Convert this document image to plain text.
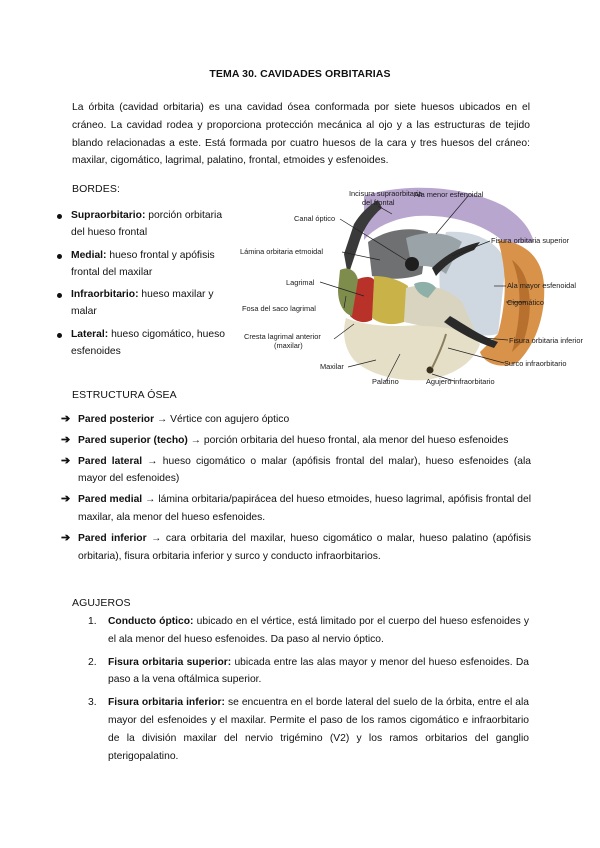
TEMA 30. CAVIDADES ORBITARIAS

La órbita (cavidad orbitaria) es una cavidad ósea conformada por siete huesos ubicados en el cráneo. La cavidad rodea y proporciona protección mecánica al ojo y a las estructuras de tejido blando relacionadas a este. Está formada por cuatro huesos de la cara y tres huesos del cráneo: maxilar, cigomático, lagrimal, palatino, frontal, etmoides y esfenoides.

BORDES:
Supraorbitario: porción orbitaria del hueso frontal
Medial: hueso frontal y apófisis frontal del maxilar
Infraorbitario: hueso maxilar y malar
Lateral: hueso cigomático, hueso esfenoides
Incisura supraorbitaria
del frontal
Ala menor esfenoidal
Canal óptico
Lámina orbitaria etmoidal
Fisura orbitaria superior
Lagrimal	Ala mayor esfenoidal
Cigomático
Fosa del saco lagrimal
Fisura orbitaria inferior
Cresta lagrimal anterior
(maxilar)
Surco infraorbitario
Maxilar
Palatino	Agujero infraorbitario
ESTRUCTURA ÓSEA
➔ Pared posterior → Vértice con agujero óptico
➔ Pared superior (techo) → porción orbitaria del hueso frontal, ala menor del hueso esfenoides
➔ Pared lateral → hueso cigomático o malar (apófisis frontal del malar), hueso esfenoides (ala mayor del esfenoides)
➔ Pared medial → lámina orbitaria/papirácea del hueso etmoides, hueso lagrimal, apófisis frontal del maxilar, ala menor del hueso esfenoides.
➔ Pared inferior → cara orbitaria del maxilar, hueso cigomático o malar, hueso palatino (apófisis orbitaria), fisura orbitaria inferior y surco y conducto infraorbitarios.
AGUJEROS
1. Conducto óptico: ubicado en el vértice, está limitado por el cuerpo del hueso esfenoides y el ala menor del hueso esfenoides. Da paso al nervio óptico.
2. Fisura orbitaria superior: ubicada entre las alas mayor y menor del hueso esfenoides. Da paso a la vena oftálmica superior.
3. Fisura orbitaria inferior: se encuentra en el borde lateral del suelo de la órbita, entre el ala mayor del esfenoides y el maxilar. Permite el paso de los ramos cigomático e infraorbitario de la división maxilar del nervio trigémino (V2) y los ramos orbitarios del ganglio pterigopalatino.
